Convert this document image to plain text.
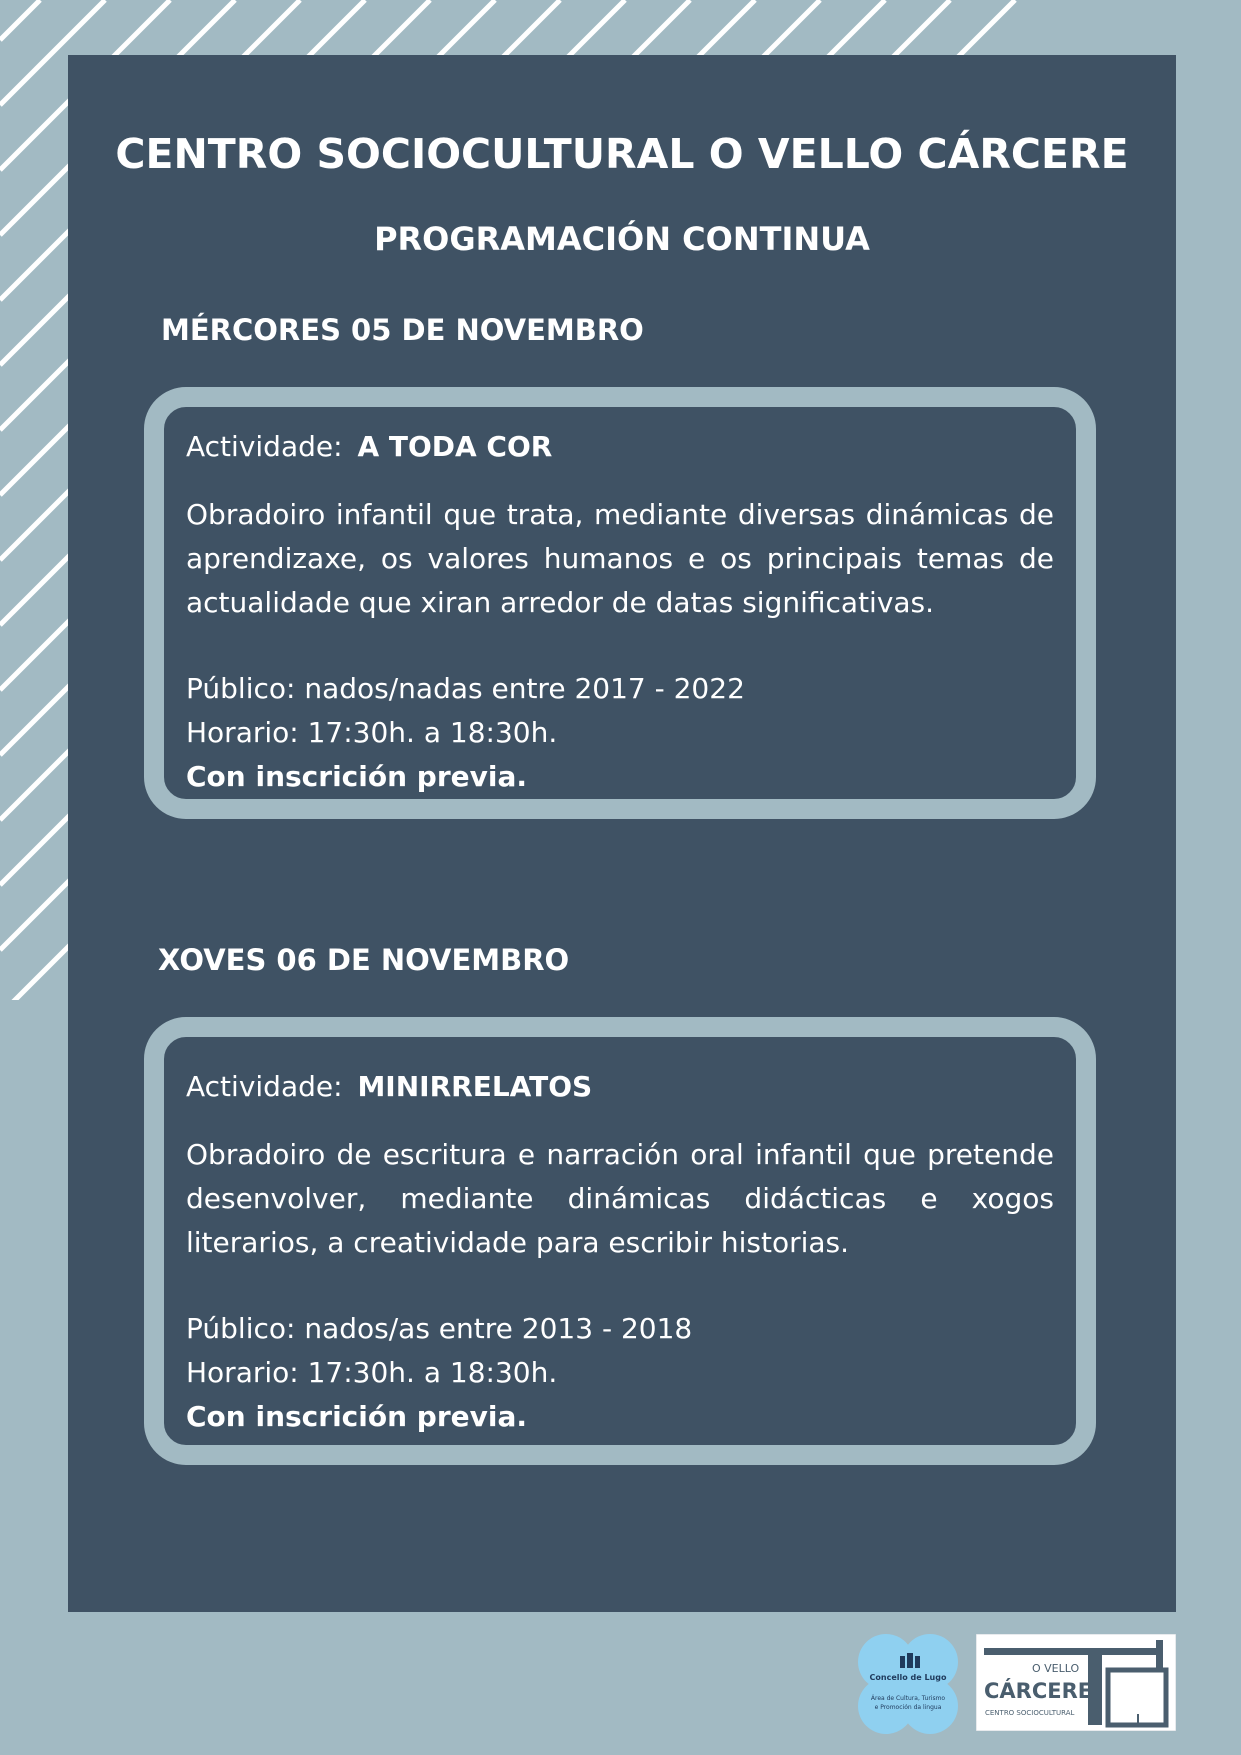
CENTRO SOCIOCULTURAL O VELLO CÁRCERE
PROGRAMACIÓN CONTINUA
MÉRCORES 05 DE NOVEMBRO

Actividade: A TODA COR

Obradoiro infantil que trata, mediante diversas dinámicas de aprendizaxe, os valores humanos e os principais temas de actualidade que xiran arredor de datas significativas.

Público: nados/nadas entre 2017 - 2022

Horario: 17:30h. a 18:30h.

Con inscrición previa.

XOVES 06 DE NOVEMBRO

Actividade: MINIRRELATOS

Obradoiro de escritura e narración oral infantil que pretende desenvolver, mediante dinámicas didácticas e xogos literarios, a creatividade para escribir historias.

Público: nados/as entre 2013 - 2018

Horario: 17:30h. a 18:30h.

Con inscrición previa.

Concello de Lugo
Área de Cultura, Turismo
e Promoción da lingua
O VELLO
CÁRCERE
CENTRO SOCIOCULTURAL
